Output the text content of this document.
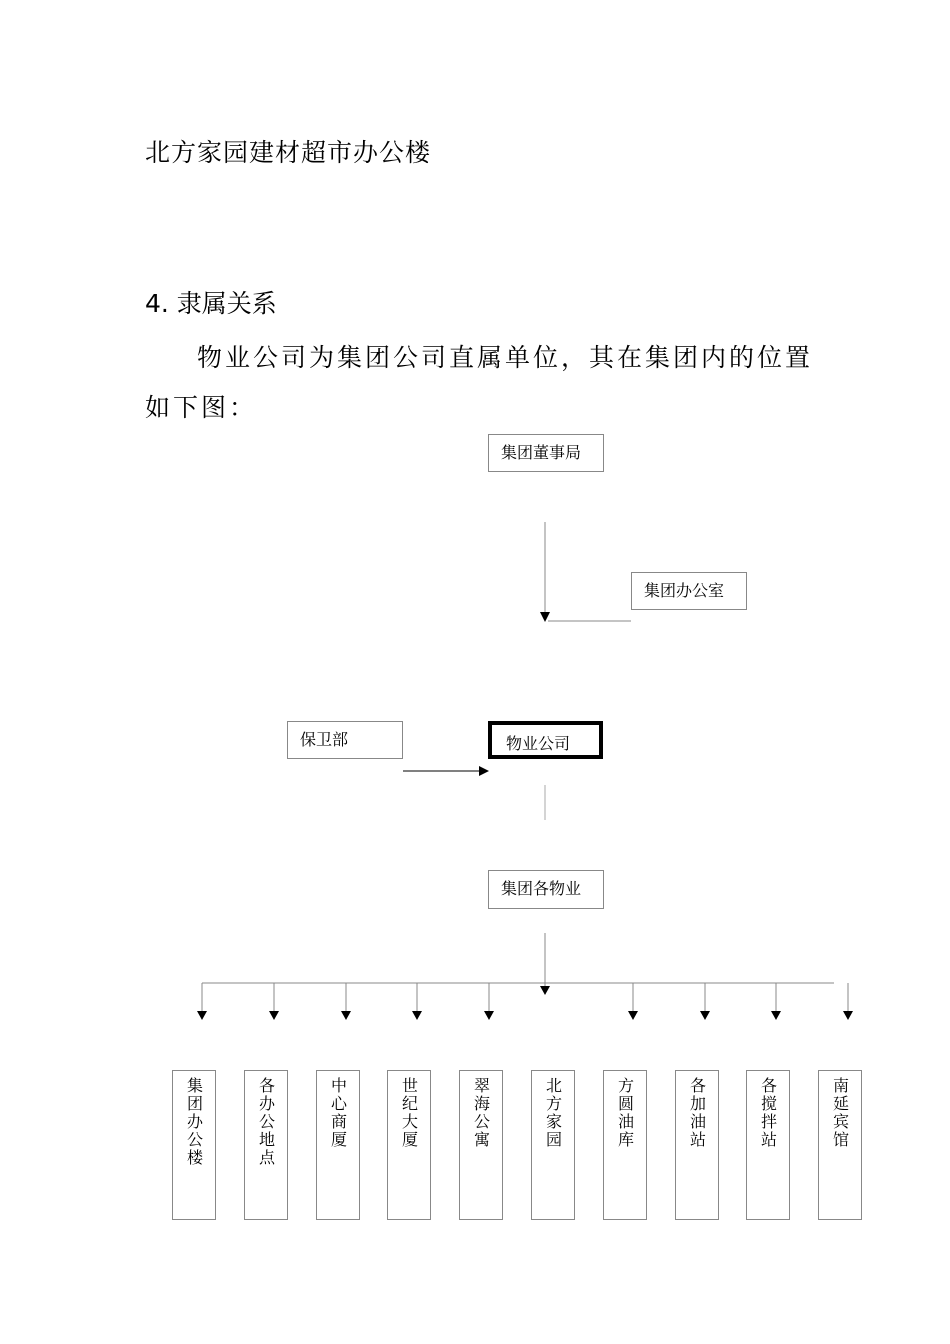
北方家园建材超市办公楼
4. 隶属关系
物业公司为集团公司直属单位，其在集团内的位置如下图：
集团董事局
集团办公室
保卫部	物业公司
集团各物业
集团办公楼	各办公地点	中心商厦	世纪大厦	翠海公寓	北方家园	方圆油库	各加油站	各搅拌站	南延宾馆
